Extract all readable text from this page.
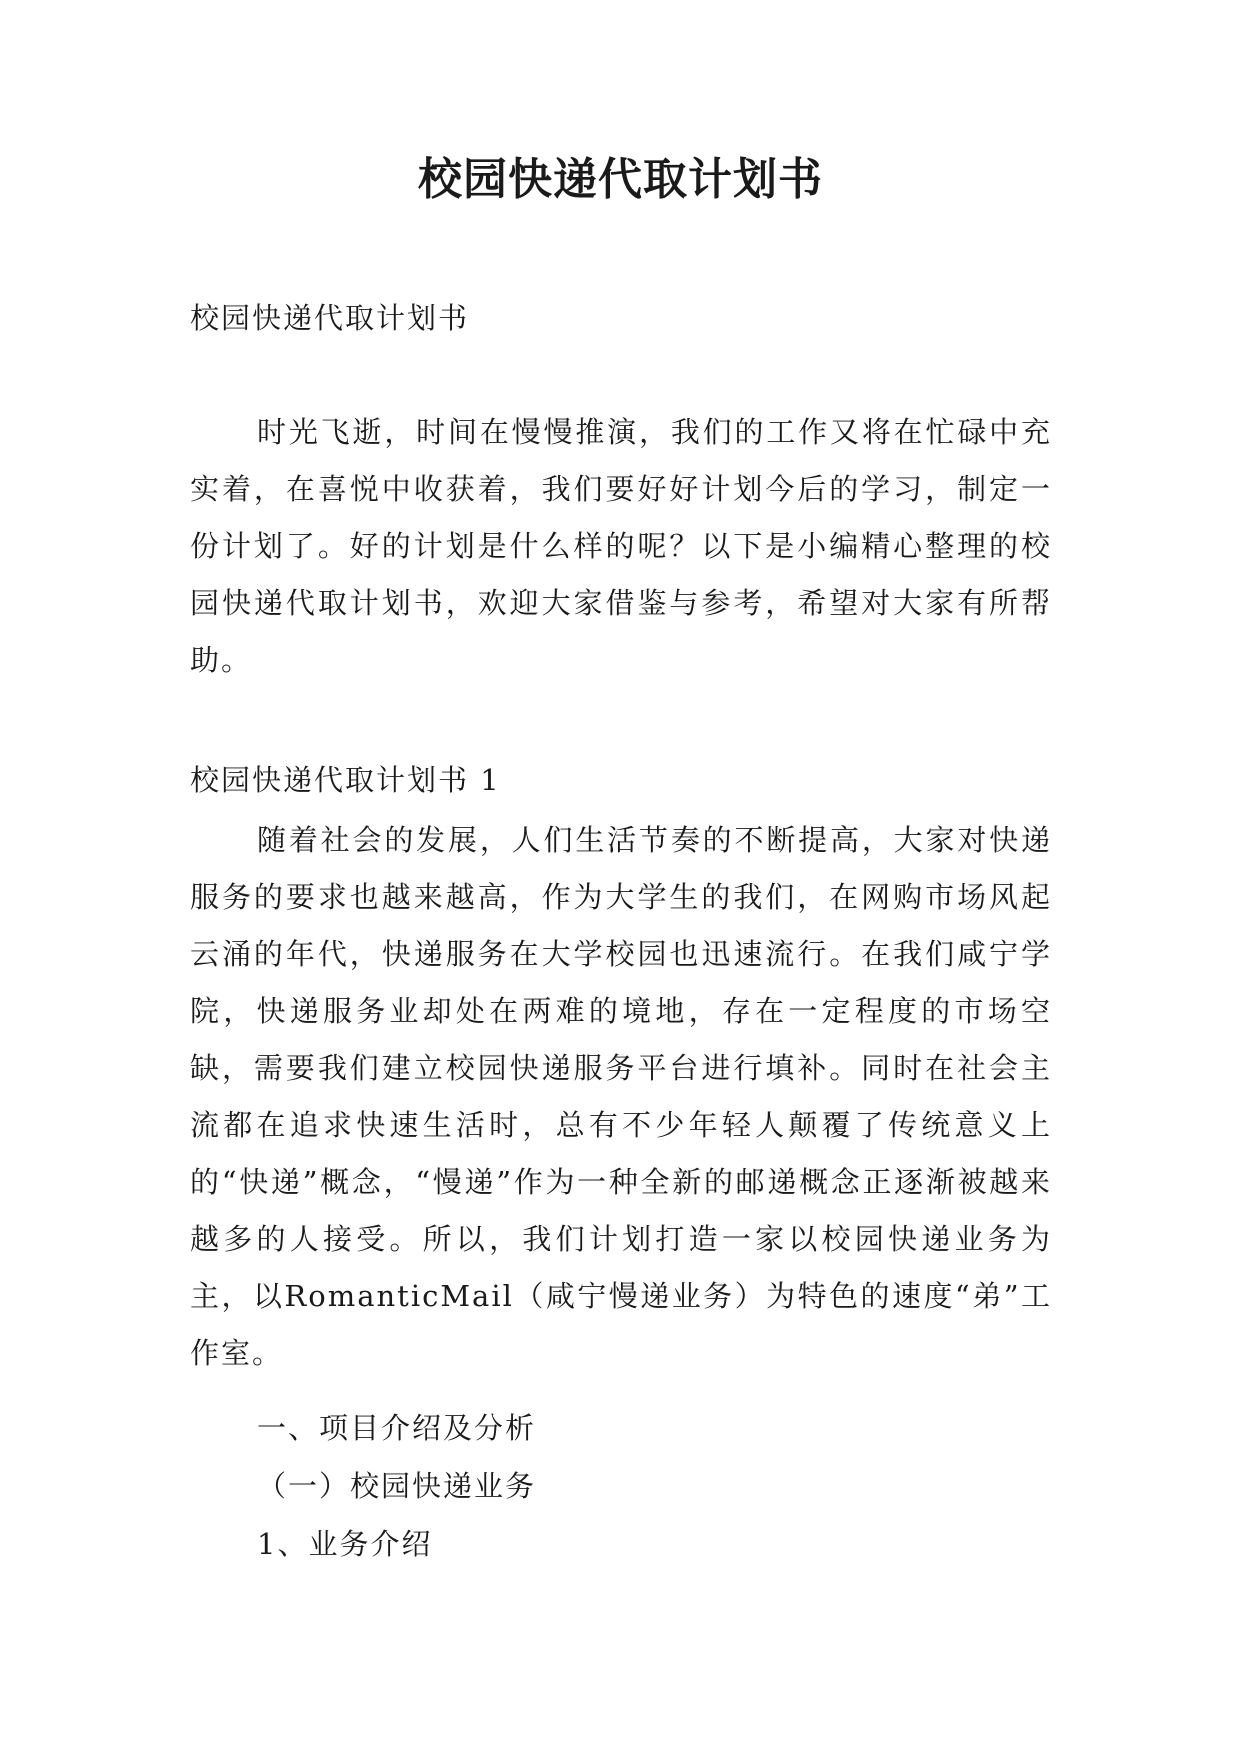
校园快递代取计划书

校园快递代取计划书

时光飞逝，时间在慢慢推演，我们的工作又将在忙碌中充实着，在喜悦中收获着，我们要好好计划今后的学习，制定一份计划了。好的计划是什么样的呢？以下是小编精心整理的校园快递代取计划书，欢迎大家借鉴与参考，希望对大家有所帮助。

校园快递代取计划书 1

随着社会的发展，人们生活节奏的不断提高，大家对快递服务的要求也越来越高，作为大学生的我们，在网购市场风起云涌的年代，快递服务在大学校园也迅速流行。在我们咸宁学院，快递服务业却处在两难的境地，存在一定程度的市场空缺，需要我们建立校园快递服务平台进行填补。同时在社会主流都在追求快速生活时，总有不少年轻人颠覆了传统意义上的“快递”概念，“慢递”作为一种全新的邮递概念正逐渐被越来越多的人接受。所以，我们计划打造一家以校园快递业务为主，以RomanticMail（咸宁慢递业务）为特色的速度“弟”工作室。

一、项目介绍及分析

（一）校园快递业务

1、业务介绍
